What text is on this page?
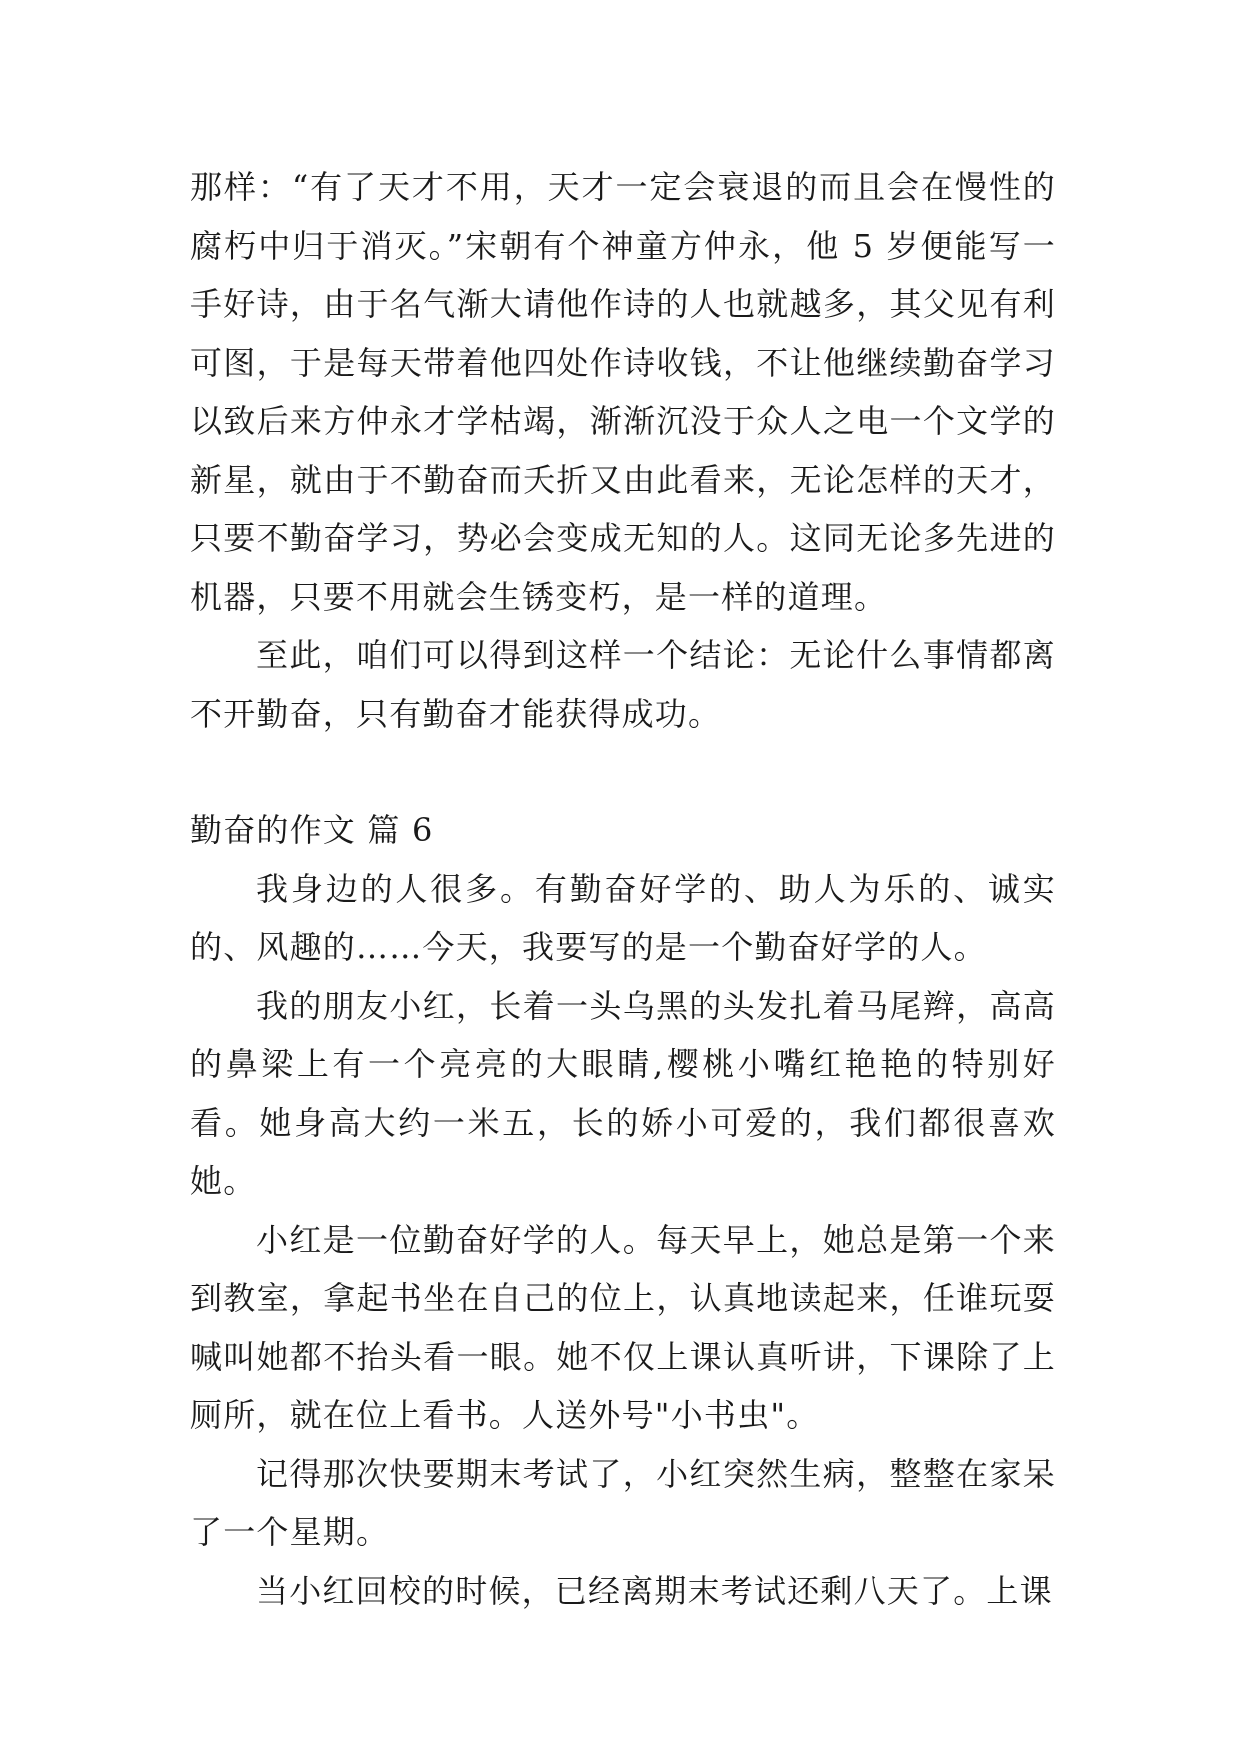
那样：“有了天才不用，天才一定会衰退的而且会在慢性的腐朽中归于消灭。”宋朝有个神童方仲永，他 5 岁便能写一手好诗，由于名气渐大请他作诗的人也就越多，其父见有利可图，于是每天带着他四处作诗收钱，不让他继续勤奋学习以致后来方仲永才学枯竭，渐渐沉没于众人之电一个文学的新星，就由于不勤奋而夭折又由此看来，无论怎样的天才，只要不勤奋学习，势必会变成无知的人。这同无论多先进的机器，只要不用就会生锈变朽，是一样的道理。

至此，咱们可以得到这样一个结论：无论什么事情都离不开勤奋，只有勤奋才能获得成功。

勤奋的作文 篇 6

我身边的人很多。有勤奋好学的、助人为乐的、诚实的、风趣的……今天，我要写的是一个勤奋好学的人。

我的朋友小红，长着一头乌黑的头发扎着马尾辫，高高的鼻梁上有一个亮亮的大眼睛,樱桃小嘴红艳艳的特别好看。她身高大约一米五，长的娇小可爱的，我们都很喜欢她。

小红是一位勤奋好学的人。每天早上，她总是第一个来到教室，拿起书坐在自己的位上，认真地读起来，任谁玩耍喊叫她都不抬头看一眼。她不仅上课认真听讲，下课除了上厕所，就在位上看书。人送外号"小书虫"。

记得那次快要期末考试了，小红突然生病，整整在家呆了一个星期。

当小红回校的时候，已经离期末考试还剩八天了。上课
